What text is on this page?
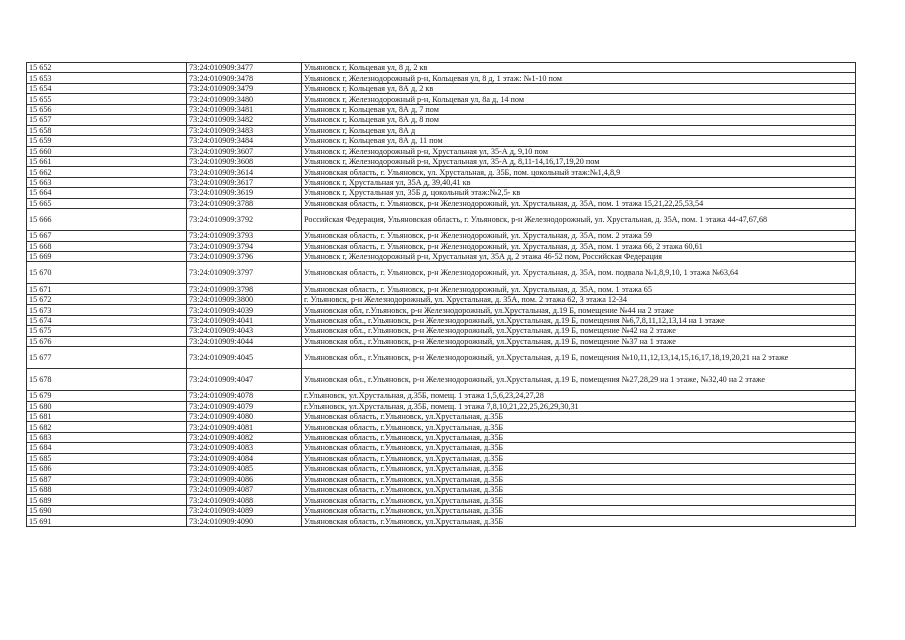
15 652	73:24:010909:3477	Ульяновск г, Кольцевая ул, 8 д, 2 кв
15 653	73:24:010909:3478	Ульяновск г, Железнодорожный р-н, Кольцевая ул, 8 д, 1 этаж: №1-10 пом
15 654	73:24:010909:3479	Ульяновск г, Кольцевая ул, 8А д, 2 кв
15 655	73:24:010909:3480	Ульяновск г, Железнодорожный р-н, Кольцевая ул, 8а д, 14 пом
15 656	73:24:010909:3481	Ульяновск г, Кольцевая ул, 8А д, 7 пом
15 657	73:24:010909:3482	Ульяновск г, Кольцевая ул, 8А д, 8 пом
15 658	73:24:010909:3483	Ульяновск г, Кольцевая ул, 8А д
15 659	73:24:010909:3484	Ульяновск г, Кольцевая ул, 8А д, 11 пом
15 660	73:24:010909:3607	Ульяновск г, Железнодорожный р-н, Хрустальная ул, 35-А д, 9,10 пом
15 661	73:24:010909:3608	Ульяновск г, Железнодорожный р-н, Хрустальная ул, 35-А д, 8,11-14,16,17,19,20 пом
15 662	73:24:010909:3614	Ульяновская область, г. Ульяновск, ул. Хрустальная, д. 35Б, пом. цокольный этаж:№1,4,8,9
15 663	73:24:010909:3617	Ульяновск г, Хрустальная ул, 35А д, 39,40,41 кв
15 664	73:24:010909:3619	Ульяновск г, Хрустальная ул, 35Б д, цокольный этаж:№2,5- кв
15 665	73:24:010909:3788	Ульяновская область, г. Ульяновск, р-н Железнодорожный, ул. Хрустальная, д. 35А, пом. 1 этажа 15,21,22,25,53,54
15 666	73:24:010909:3792	Российская Федерация, Ульяновская область, г. Ульяновск, р-н Железнодорожный, ул. Хрустальная, д. 35А, пом. 1 этажа 44-47,67,68
15 667	73:24:010909:3793	Ульяновская область, г. Ульяновск, р-н Железнодорожный, ул. Хрустальная, д. 35А, пом. 2 этажа 59
15 668	73:24:010909:3794	Ульяновская область, г. Ульяновск, р-н Железнодорожный, ул. Хрустальная, д. 35А, пом. 1 этажа 66, 2 этажа 60,61
15 669	73:24:010909:3796	Ульяновск г, Железнодорожный р-н, Хрустальная ул, 35А д, 2 этажа 46-52 пом, Российская Федерация
15 670	73:24:010909:3797	Ульяновская область, г. Ульяновск, р-н Железнодорожный, ул. Хрустальная, д. 35А, пом. подвала №1,8,9,10, 1 этажа №63,64
15 671	73:24:010909:3798	Ульяновская область, г. Ульяновск, р-н Железнодорожный, ул. Хрустальная, д. 35А, пом. 1 этажа 65
15 672	73:24:010909:3800	г. Ульяновск, р-н Железнодорожный, ул. Хрустальная, д. 35А, пом. 2 этажа 62, 3 этажа 12-34
15 673	73:24:010909:4039	Ульяновская обл, г.Ульяновск, р-н Железнодорожный, ул.Хрустальная, д.19 Б, помещение №44 на 2 этаже
15 674	73:24:010909:4041	Ульяновская обл., г.Ульяновск, р-н Железнодорожный, ул.Хрустальная, д.19 Б, помещения №6,7,8,11,12,13,14 на 1 этаже
15 675	73:24:010909:4043	Ульяновская обл., г.Ульяновск, р-н Железнодорожный, ул.Хрустальная, д.19 Б, помещение №42 на 2 этаже
15 676	73:24:010909:4044	Ульяновская обл., г.Ульяновск, р-н Железнодорожный, ул.Хрустальная, д.19 Б, помещение №37 на 1 этаже
15 677	73:24:010909:4045	Ульяновская обл., г.Ульяновск, р-н Железнодорожный, ул.Хрустальная, д.19 Б, помещения №10,11,12,13,14,15,16,17,18,19,20,21 на 2 этаже
15 678	73:24:010909:4047	Ульяновская обл., г.Ульяновск, р-н Железнодорожный, ул.Хрустальная, д.19 Б, помещения №27,28,29 на 1 этаже, №32,40 на 2 этаже
15 679	73:24:010909:4078	г.Ульяновск, ул.Хрустальная, д.35Б, помещ. 1 этажа 1,5,6,23,24,27,28
15 680	73:24:010909:4079	г.Ульяновск, ул.Хрустальная, д.35Б, помещ. 1 этажа 7,8,10,21,22,25,26,29,30,31
15 681	73:24:010909:4080	Ульяновская область, г.Ульяновск, ул.Хрустальная, д.35Б
15 682	73:24:010909:4081	Ульяновская область, г.Ульяновск, ул.Хрустальная, д.35Б
15 683	73:24:010909:4082	Ульяновская область, г.Ульяновск, ул.Хрустальная, д.35Б
15 684	73:24:010909:4083	Ульяновская область, г.Ульяновск, ул.Хрустальная, д.35Б
15 685	73:24:010909:4084	Ульяновская область, г.Ульяновск, ул.Хрустальная, д.35Б
15 686	73:24:010909:4085	Ульяновская область, г.Ульяновск, ул.Хрустальная, д.35Б
15 687	73:24:010909:4086	Ульяновская область, г.Ульяновск, ул.Хрустальная, д.35Б
15 688	73:24:010909:4087	Ульяновская область, г.Ульяновск, ул.Хрустальная, д.35Б
15 689	73:24:010909:4088	Ульяновская область, г.Ульяновск, ул.Хрустальная, д.35Б
15 690	73:24:010909:4089	Ульяновская область, г.Ульяновск, ул.Хрустальная, д.35Б
15 691	73:24:010909:4090	Ульяновская область, г.Ульяновск, ул.Хрустальная, д.35Б
